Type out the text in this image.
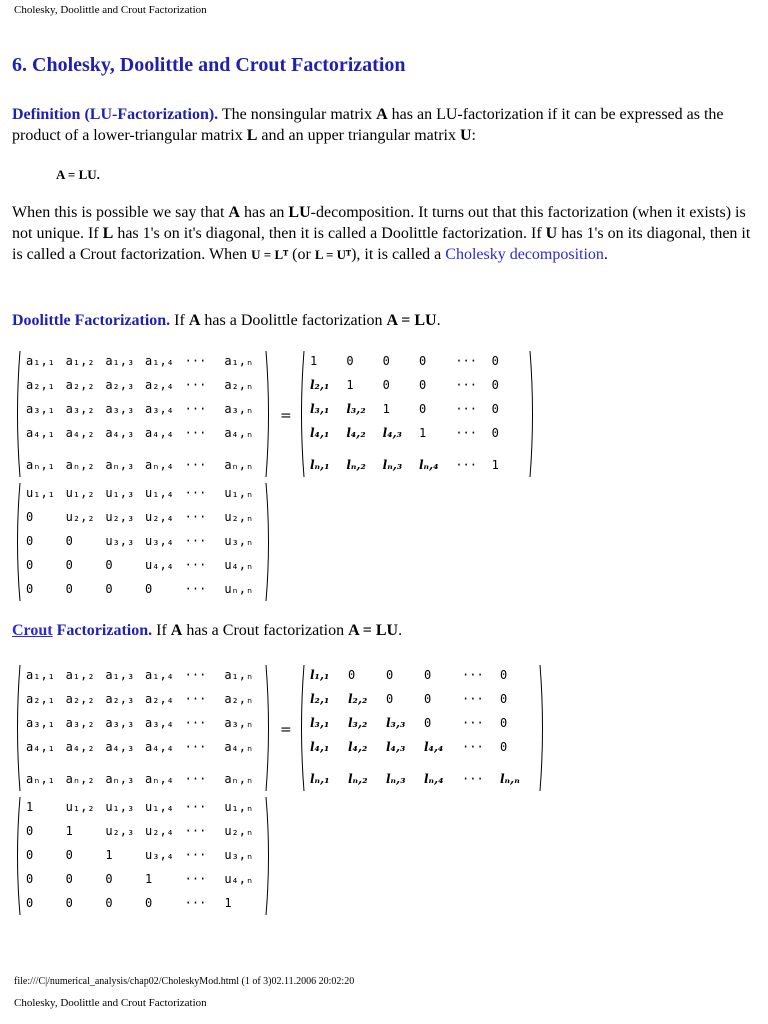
Cholesky, Doolittle and Crout Factorization
6. Cholesky, Doolittle and Crout Factorization

Definition (LU-Factorization). The nonsingular matrix A has an LU-factorization if it can be expressed as the product of a lower-triangular matrix L and an upper triangular matrix U:

A = LU.

When this is possible we say that A has an LU-decomposition. It turns out that this factorization (when it exists) is not unique. If L has 1's on it's diagonal, then it is called a Doolittle factorization. If U has 1's on its diagonal, then it is called a Crout factorization. When U = Lᵀ (or L = Uᵀ), it is called a Cholesky decomposition.

Doolittle Factorization. If A has a Doolittle factorization A = LU.

a₁,₁ a₁,₂ a₁,₃ a₁,₄ ··· a₁,ₙ
a₂,₁ a₂,₂ a₂,₃ a₂,₄ ··· a₂,ₙ
a₃,₁ a₃,₂ a₃,₃ a₃,₄ ··· a₃,ₙ
a₄,₁ a₄,₂ a₄,₃ a₄,₄ ··· a₄,ₙ
aₙ,₁ aₙ,₂ aₙ,₃ aₙ,₄ ··· aₙ,ₙ
=
1 0 0 0 ··· 0
l₂,₁ 1 0 0 ··· 0
l₃,₁ l₃,₂ 1 0 ··· 0
l₄,₁ l₄,₂ l₄,₃ 1 ··· 0
lₙ,₁ lₙ,₂ lₙ,₃ lₙ,₄ ··· 1
u₁,₁ u₁,₂ u₁,₃ u₁,₄ ··· u₁,ₙ
0	u₂,₂ u₂,₃ u₂,₄ ··· u₂,ₙ
0	0	u₃,₃ u₃,₄ ··· u₃,ₙ
0	0	0	u₄,₄ ··· u₄,ₙ
0	0	0	0	··· uₙ,ₙ

Crout Factorization. If A has a Crout factorization A = LU.

a₁,₁ a₁,₂ a₁,₃ a₁,₄ ··· a₁,ₙ
a₂,₁ a₂,₂ a₂,₃ a₂,₄ ··· a₂,ₙ
a₃,₁ a₃,₂ a₃,₃ a₃,₄ ··· a₃,ₙ
a₄,₁ a₄,₂ a₄,₃ a₄,₄ ··· a₄,ₙ
aₙ,₁ aₙ,₂ aₙ,₃ aₙ,₄ ··· aₙ,ₙ
=
l₁,₁ 0	0	0	··· 0
l₂,₁ l₂,₂ 0	0	··· 0
l₃,₁ l₃,₂ l₃,₃ 0	··· 0
l₄,₁ l₄,₂ l₄,₃ l₄,₄ ··· 0
lₙ,₁ lₙ,₂ lₙ,₃ lₙ,₄ ··· lₙ,ₙ
1	u₁,₂ u₁,₃ u₁,₄ ··· u₁,ₙ
0	1	u₂,₃ u₂,₄ ··· u₂,ₙ
0	0	1	u₃,₄ ··· u₃,ₙ
0	0	0	1	··· u₄,ₙ
0	0	0	0	··· 1
file:///C|/numerical_analysis/chap02/CholeskyMod.html (1 of 3)02.11.2006 20:02:20
Cholesky, Doolittle and Crout Factorization
